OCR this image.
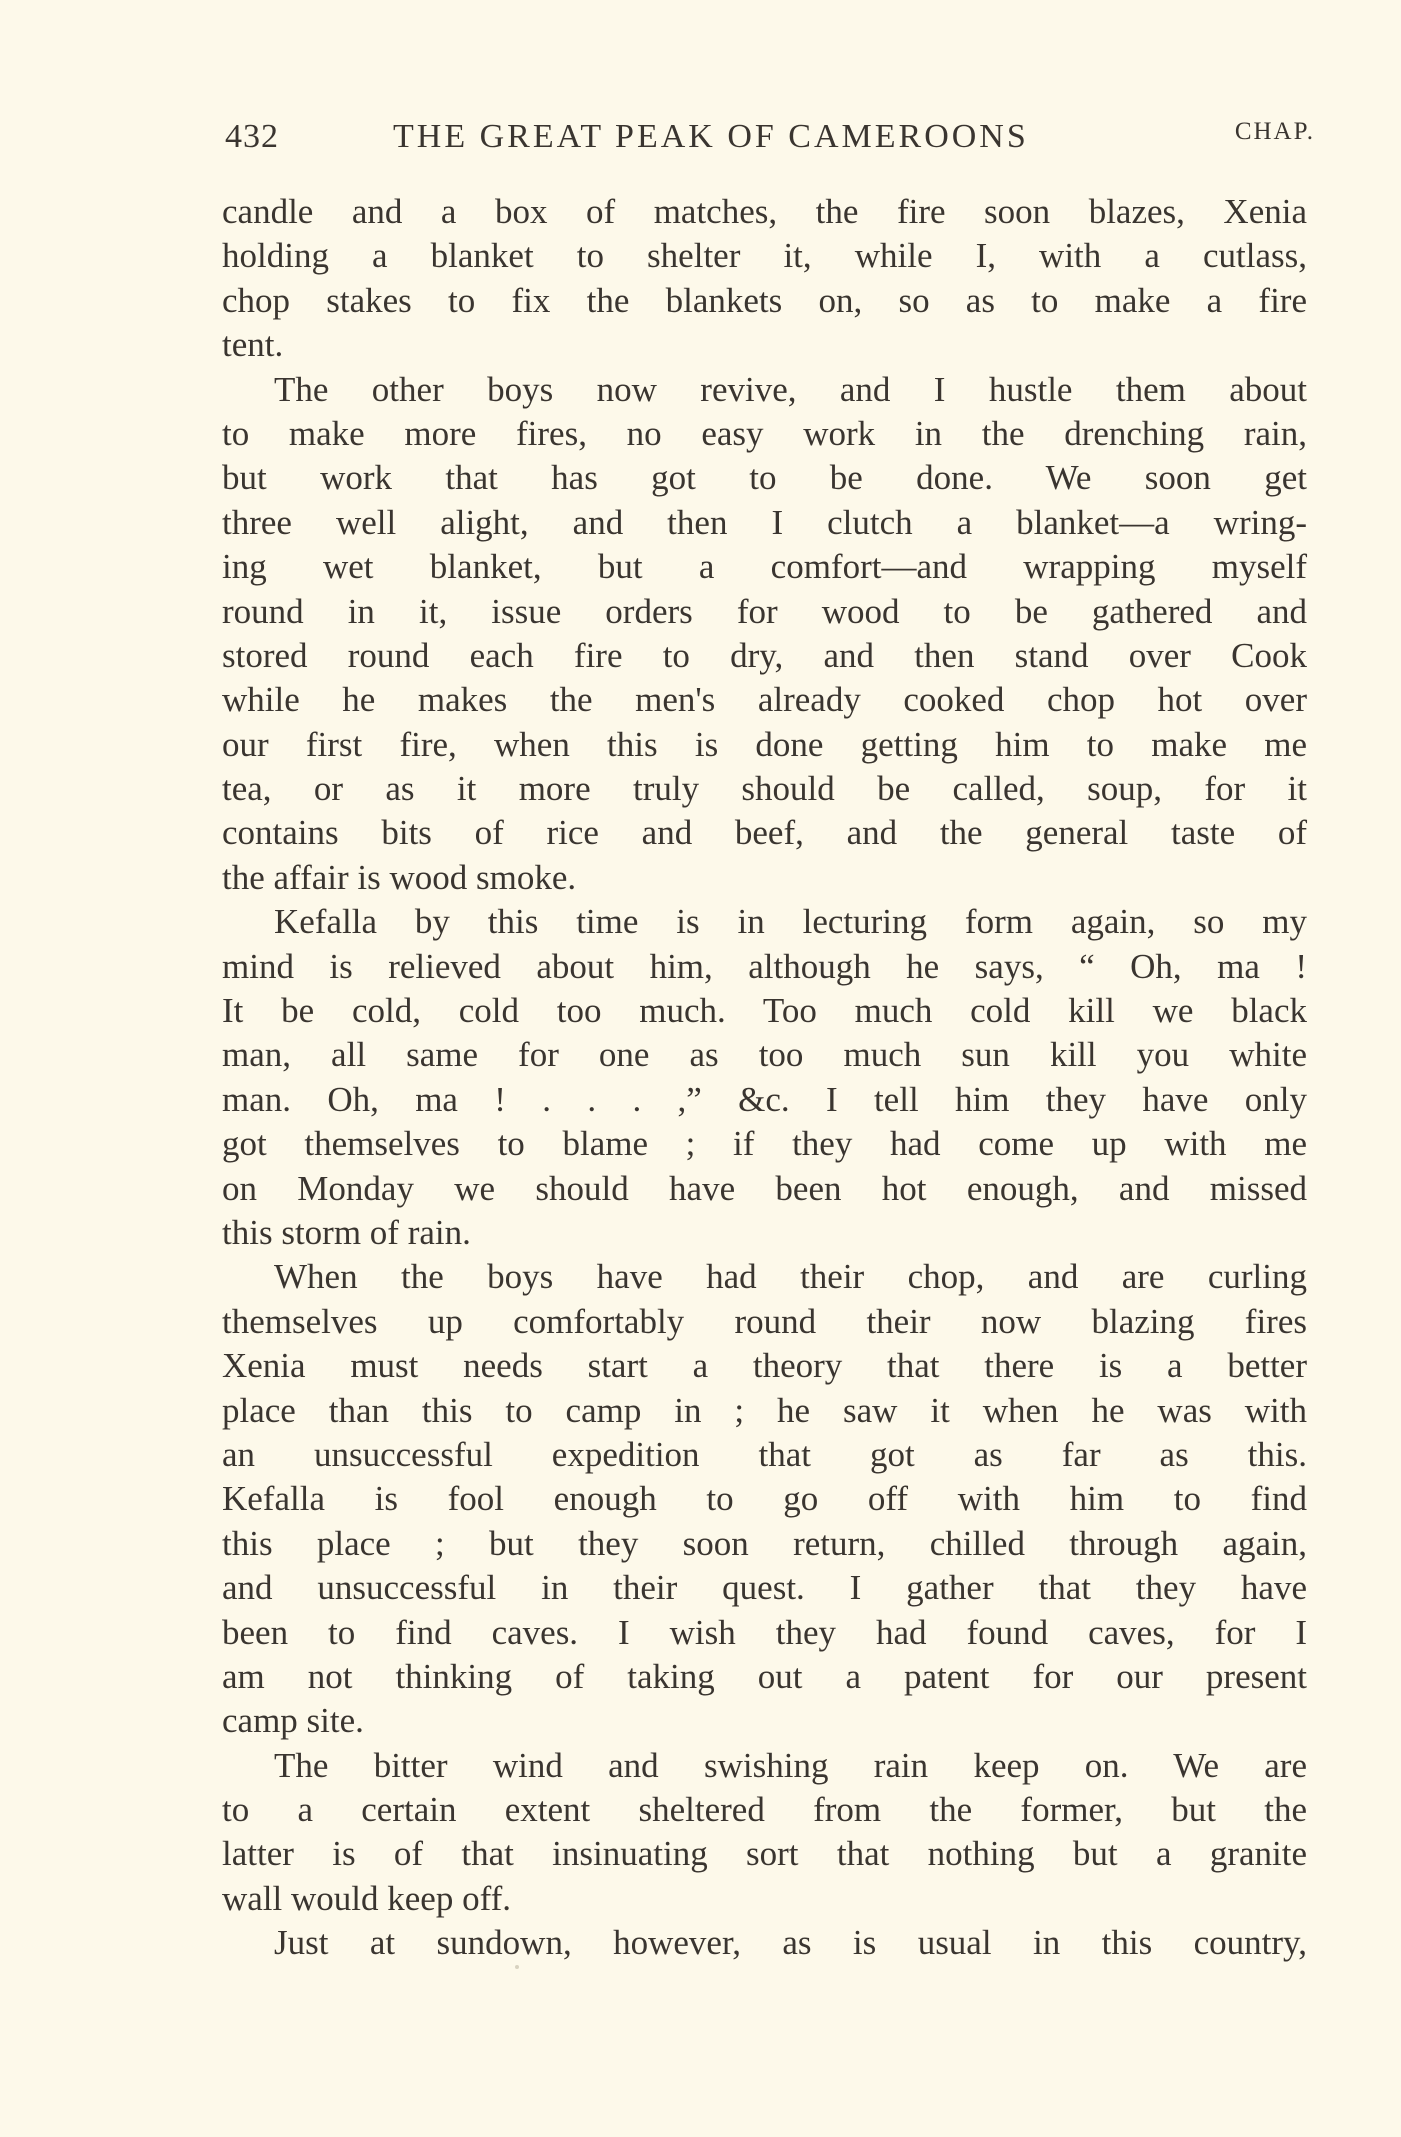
432	THE GREAT PEAK OF CAMEROONS	CHAP.
candle and a box of matches, the fire soon blazes, Xenia
holding a blanket to shelter it, while I, with a cutlass,
chop stakes to fix the blankets on, so as to make a fire
tent.
The other boys now revive, and I hustle them about
to make more fires, no easy work in the drenching rain,
but work that has got to be done. We soon get
three well alight, and then I clutch a blanket—a wring-
ing wet blanket, but a comfort—and wrapping myself
round in it, issue orders for wood to be gathered and
stored round each fire to dry, and then stand over Cook
while he makes the men's already cooked chop hot over
our first fire, when this is done getting him to make me
tea, or as it more truly should be called, soup, for it
contains bits of rice and beef, and the general taste of
the affair is wood smoke.
Kefalla by this time is in lecturing form again, so my
mind is relieved about him, although he says, “ Oh, ma !
It be cold, cold too much. Too much cold kill we black
man, all same for one as too much sun kill you white
man. Oh, ma ! . . . ,” &c. I tell him they have only
got themselves to blame ; if they had come up with me
on Monday we should have been hot enough, and missed
this storm of rain.
When the boys have had their chop, and are curling
themselves up comfortably round their now blazing fires
Xenia must needs start a theory that there is a better
place than this to camp in ; he saw it when he was with
an unsuccessful expedition that got as far as this.
Kefalla is fool enough to go off with him to find
this place ; but they soon return, chilled through again,
and unsuccessful in their quest. I gather that they have
been to find caves. I wish they had found caves, for I
am not thinking of taking out a patent for our present
camp site.
The bitter wind and swishing rain keep on. We are
to a certain extent sheltered from the former, but the
latter is of that insinuating sort that nothing but a granite
wall would keep off.
Just at sundown, however, as is usual in this country,
